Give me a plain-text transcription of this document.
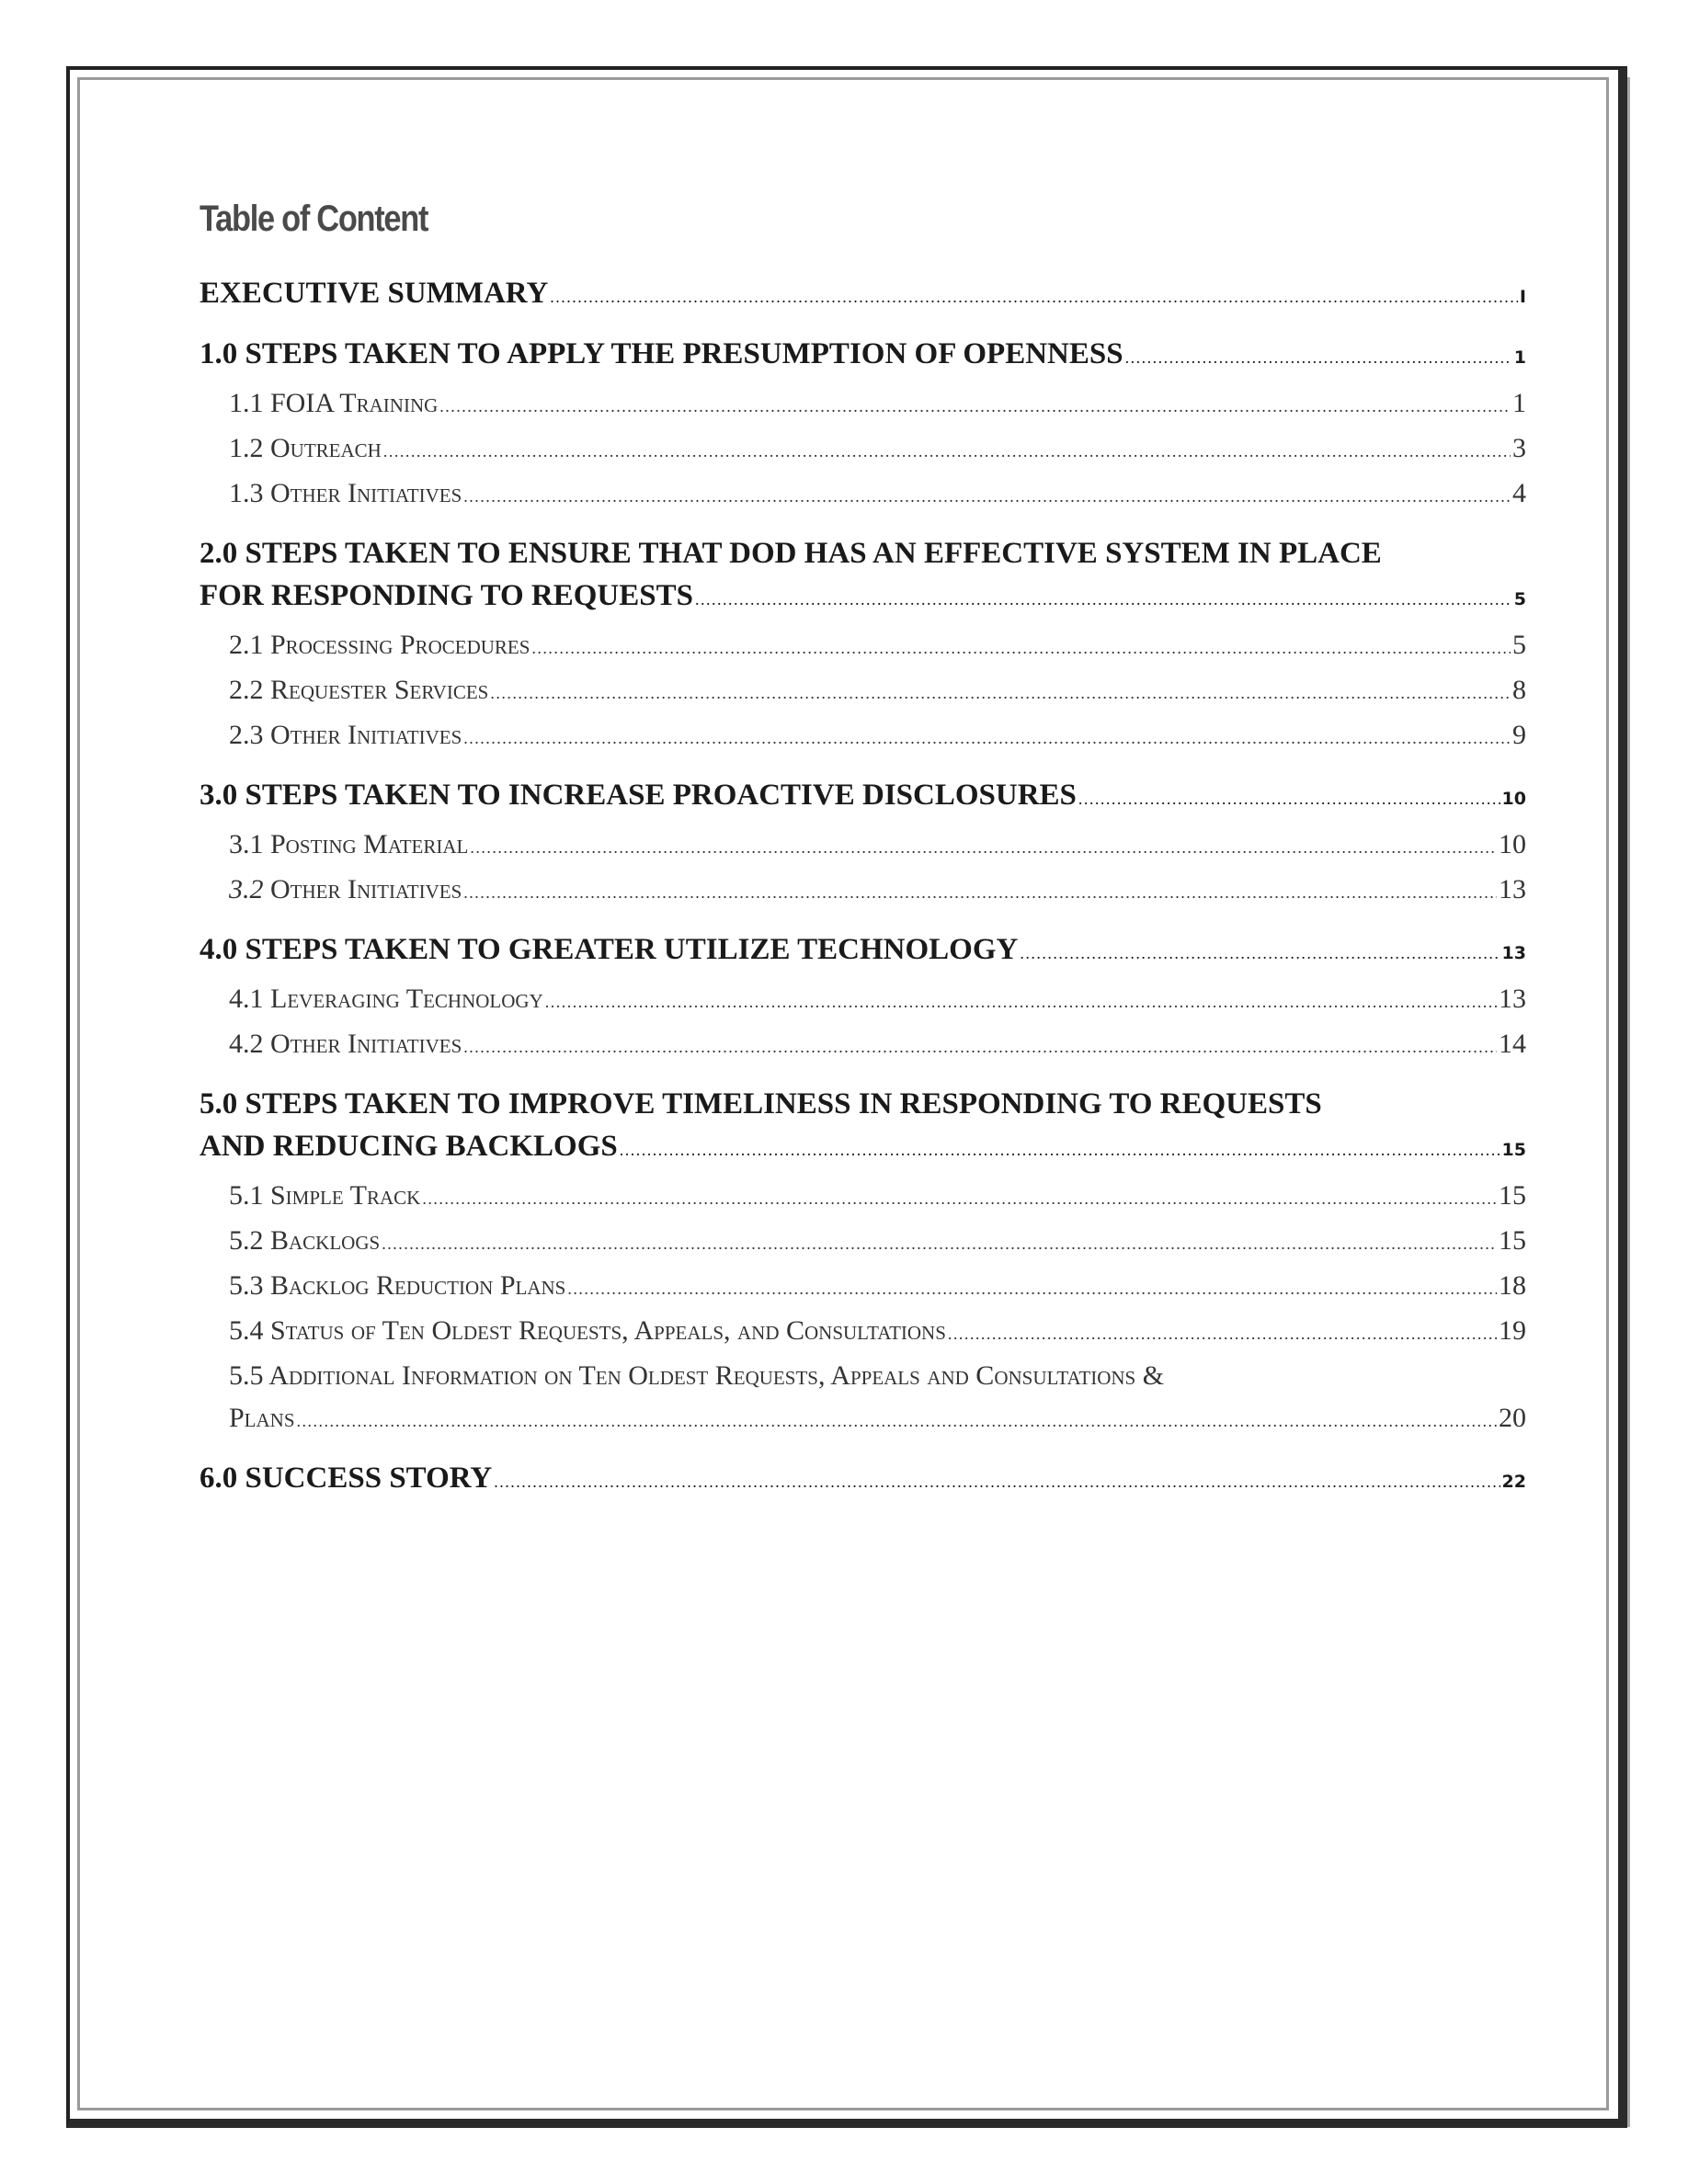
Table of Content
EXECUTIVE SUMMARY .....	I
1.0 STEPS TAKEN TO APPLY THE PRESUMPTION OF OPENNESS .....	1
1.1 FOIA Training .....	1
1.2 Outreach .....	3
1.3 Other Initiatives .....	4
2.0 STEPS TAKEN TO ENSURE THAT DOD HAS AN EFFECTIVE SYSTEM IN PLACE
FOR RESPONDING TO REQUESTS .....	5
2.1 Processing Procedures .....	5
2.2 Requester Services .....	8
2.3 Other Initiatives .....	9
3.0 STEPS TAKEN TO INCREASE PROACTIVE DISCLOSURES .....	10
3.1 Posting Material .....	10
3.2 Other Initiatives .....	13
4.0 STEPS TAKEN TO GREATER UTILIZE TECHNOLOGY .....	13
4.1 Leveraging Technology .....	13
4.2 Other Initiatives .....	14
5.0 STEPS TAKEN TO IMPROVE TIMELINESS IN RESPONDING TO REQUESTS
AND REDUCING BACKLOGS .....	15
5.1 Simple Track .....	15
5.2 Backlogs .....	15
5.3 Backlog Reduction Plans .....	18
5.4 Status of Ten Oldest Requests, Appeals, and Consultations .....	19
5.5 Additional Information on Ten Oldest Requests, Appeals and Consultations &
Plans .....	20
6.0 SUCCESS STORY .....	22
